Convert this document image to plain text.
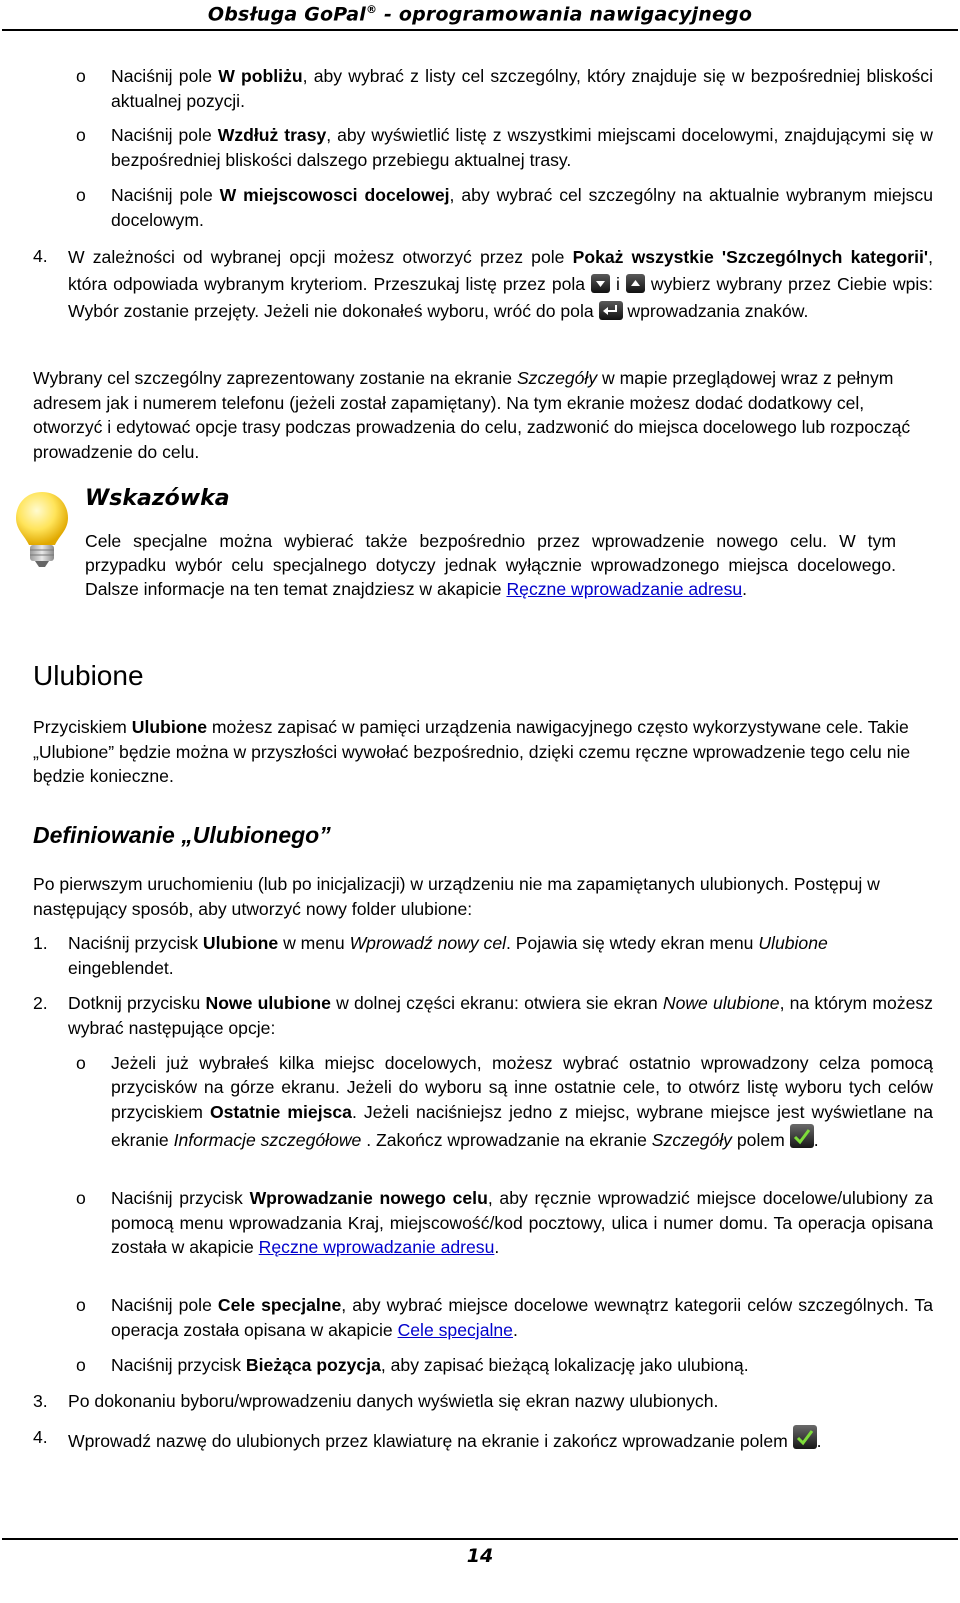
Obsługa GoPal® - oprogramowania nawigacyjnego
o Naciśnij pole W pobliżu, aby wybrać z listy cel szczególny, który znajduje się w bezpośredniej bliskości aktualnej pozycji.

o Naciśnij pole Wzdłuż trasy, aby wyświetlić listę z wszystkimi miejscami docelowymi, znajdującymi się w bezpośredniej bliskości dalszego przebiegu aktualnej trasy.

o Naciśnij pole W miejscowosci docelowej, aby wybrać cel szczególny na aktualnie wybranym miejscu docelowym.

4. W zależności od wybranej opcji możesz otworzyć przez pole Pokaż wszystkie 'Szczególnych kategorii', która odpowiada wybranym kryteriom. Przeszukaj listę przez pola
i
wybierz wybrany przez Ciebie wpis: Wybór zostanie przejęty. Jeżeli nie dokonałeś wyboru, wróć do pola
wprowadzania znaków.

Wybrany cel szczególny zaprezentowany zostanie na ekranie Szczegóły w mapie przeglądowej wraz z pełnym adresem jak i numerem telefonu (jeżeli został zapamiętany). Na tym ekranie możesz dodać dodatkowy cel, otworzyć i edytować opcje trasy podczas prowadzenia do celu, zadzwonić do miejsca docelowego lub rozpocząć prowadzenie do celu.

Wskazówka

Cele specjalne można wybierać także bezpośrednio przez wprowadzenie nowego celu. W tym przypadku wybór celu specjalnego dotyczy jednak wyłącznie wprowadzonego miejsca docelowego. Dalsze informacje na ten temat znajdziesz w akapicie Ręczne wprowadzanie adresu.

Ulubione

Przyciskiem Ulubione możesz zapisać w pamięci urządzenia nawigacyjnego często wykorzystywane cele. Takie „Ulubione” będzie można w przyszłości wywołać bezpośrednio, dzięki czemu ręczne wprowadzenie tego celu nie będzie konieczne.

Definiowanie „Ulubionego”

Po pierwszym uruchomieniu (lub po inicjalizacji) w urządzeniu nie ma zapamiętanych ulubionych. Postępuj w następujący sposób, aby utworzyć nowy folder ulubione:

1. Naciśnij przycisk Ulubione w menu Wprowadź nowy cel. Pojawia się wtedy ekran menu Ulubione eingeblendet.

2. Dotknij przycisku Nowe ulubione w dolnej części ekranu: otwiera sie ekran Nowe ulubione, na którym możesz wybrać następujące opcje:

o Jeżeli już wybrałeś kilka miejsc docelowych, możesz wybrać ostatnio wprowadzony celza pomocą przycisków na górze ekranu. Jeżeli do wyboru są inne ostatnie cele, to otwórz listę wyboru tych celów przyciskiem Ostatnie miejsca. Jeżeli naciśniejsz jedno z miejsc, wybrane miejsce jest wyświetlane na ekranie Informacje szczegółowe . Zakończ wprowadzanie na ekranie Szczegóły polem
.

o Naciśnij przycisk Wprowadzanie nowego celu, aby ręcznie wprowadzić miejsce docelowe/ulubiony za pomocą menu wprowadzania Kraj, miejscowość/kod pocztowy, ulica i numer domu. Ta operacja opisana została w akapicie Ręczne wprowadzanie adresu.

o Naciśnij pole Cele specjalne, aby wybrać miejsce docelowe wewnątrz kategorii celów szczególnych. Ta operacja została opisana w akapicie Cele specjalne.

o Naciśnij przycisk Bieżąca pozycja, aby zapisać bieżącą lokalizację jako ulubioną.

3. Po dokonaniu byboru/wprowadzeniu danych wyświetla się ekran nazwy ulubionych.

4. Wprowadź nazwę do ulubionych przez klawiaturę na ekranie i zakończ wprowadzanie polem
.

14
